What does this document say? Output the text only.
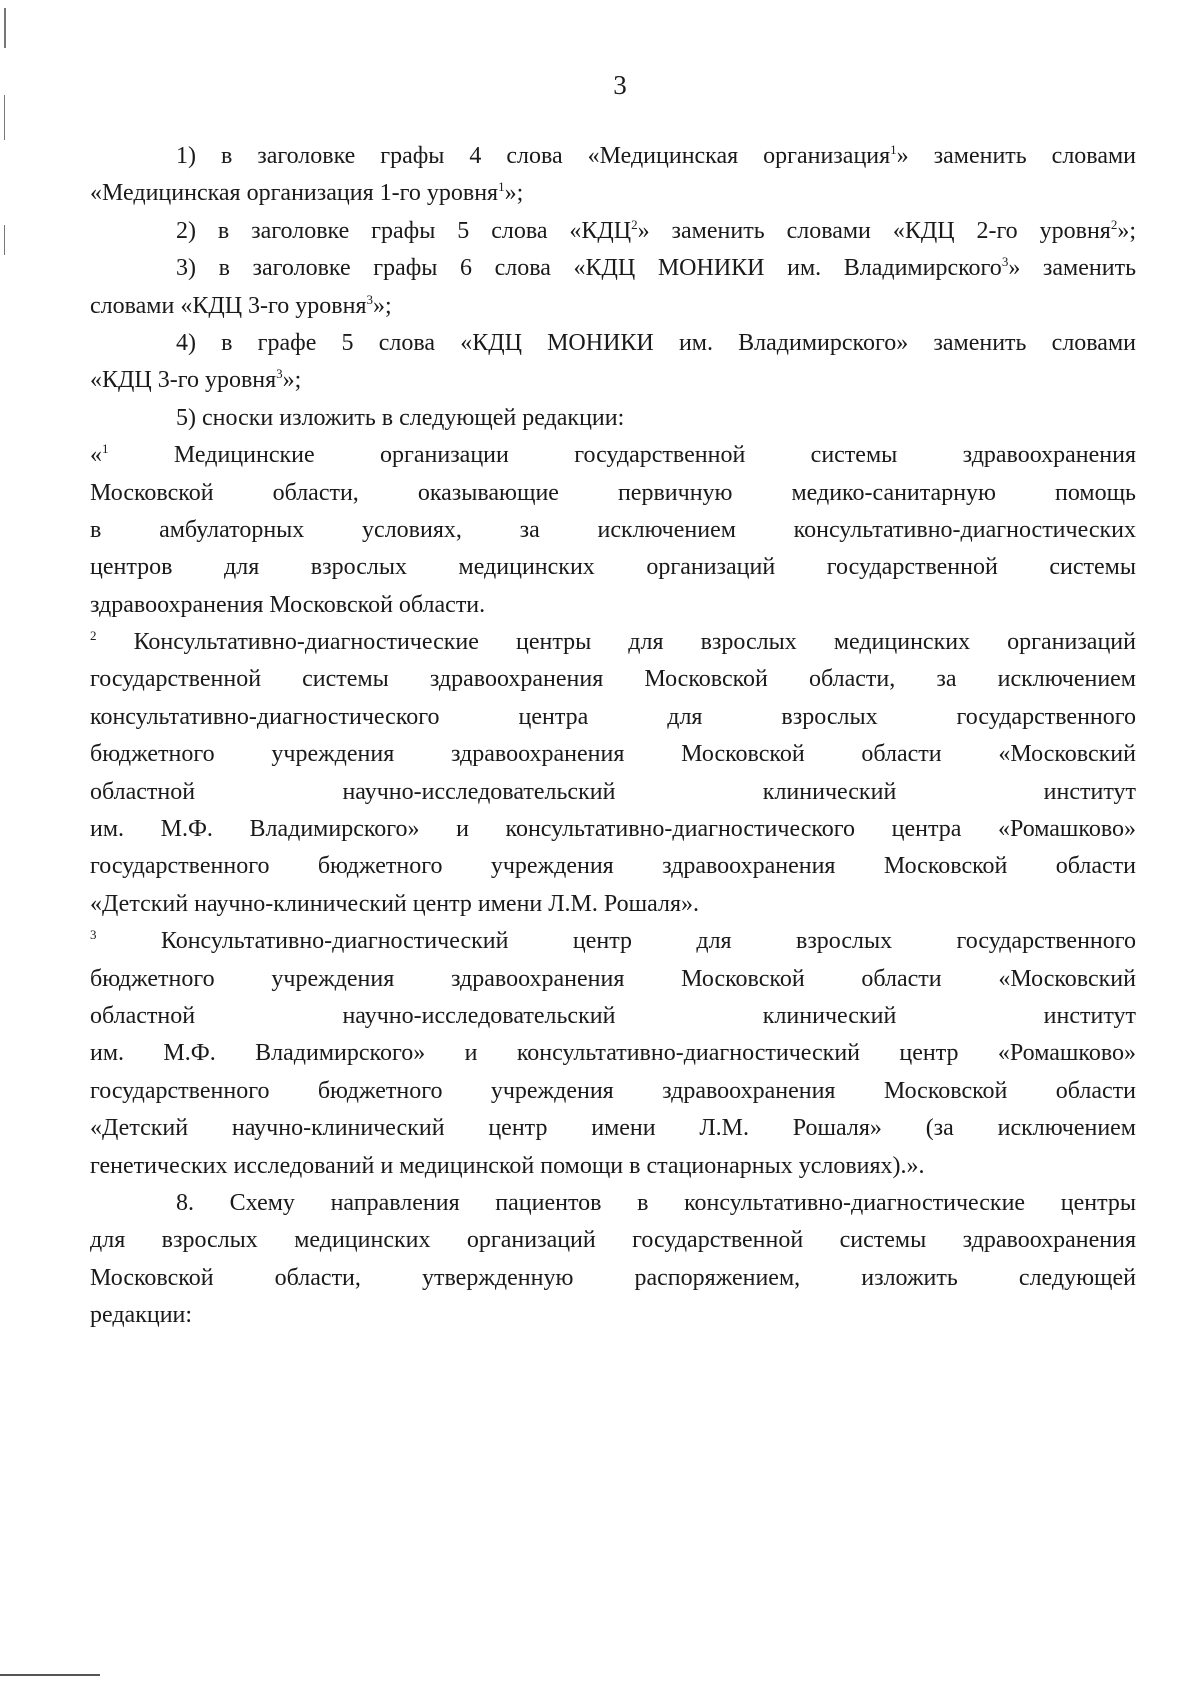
3
1) в заголовке графы 4 слова «Медицинская организация$^1$» заменить словами
«Медицинская организация 1-го уровня$^1$»;
2) в заголовке графы 5 слова «КДЦ$^2$» заменить словами «КДЦ 2-го уровня$^2$»;
3) в заголовке графы 6 слова «КДЦ МОНИКИ им. Владимирского$^3$» заменить
словами «КДЦ 3-го уровня$^3$»;
4) в графе 5 слова «КДЦ МОНИКИ им. Владимирского» заменить словами
«КДЦ 3-го уровня$^3$»;
5) сноски изложить в следующей редакции:
«$^1$ Медицинские организации государственной системы здравоохранения
Московской области, оказывающие первичную медико-санитарную помощь
в амбулаторных условиях, за исключением консультативно-диагностических
центров для взрослых медицинских организаций государственной системы
здравоохранения Московской области.
$^2$ Консультативно-диагностические центры для взрослых медицинских организаций
государственной системы здравоохранения Московской области, за исключением
консультативно-диагностического центра для взрослых государственного
бюджетного учреждения здравоохранения Московской области «Московский
областной научно-исследовательский клинический институт
им. М.Ф. Владимирского» и консультативно-диагностического центра «Ромашково»
государственного бюджетного учреждения здравоохранения Московской области
«Детский научно-клинический центр имени Л.М. Рошаля».
$^3$ Консультативно-диагностический центр для взрослых государственного
бюджетного учреждения здравоохранения Московской области «Московский
областной научно-исследовательский клинический институт
им. М.Ф. Владимирского» и консультативно-диагностический центр «Ромашково»
государственного бюджетного учреждения здравоохранения Московской области
«Детский научно-клинический центр имени Л.М. Рошаля» (за исключением
генетических исследований и медицинской помощи в стационарных условиях).».
8. Схему направления пациентов в консультативно-диагностические центры
для взрослых медицинских организаций государственной системы здравоохранения
Московской области, утвержденную распоряжением, изложить следующей
редакции:
